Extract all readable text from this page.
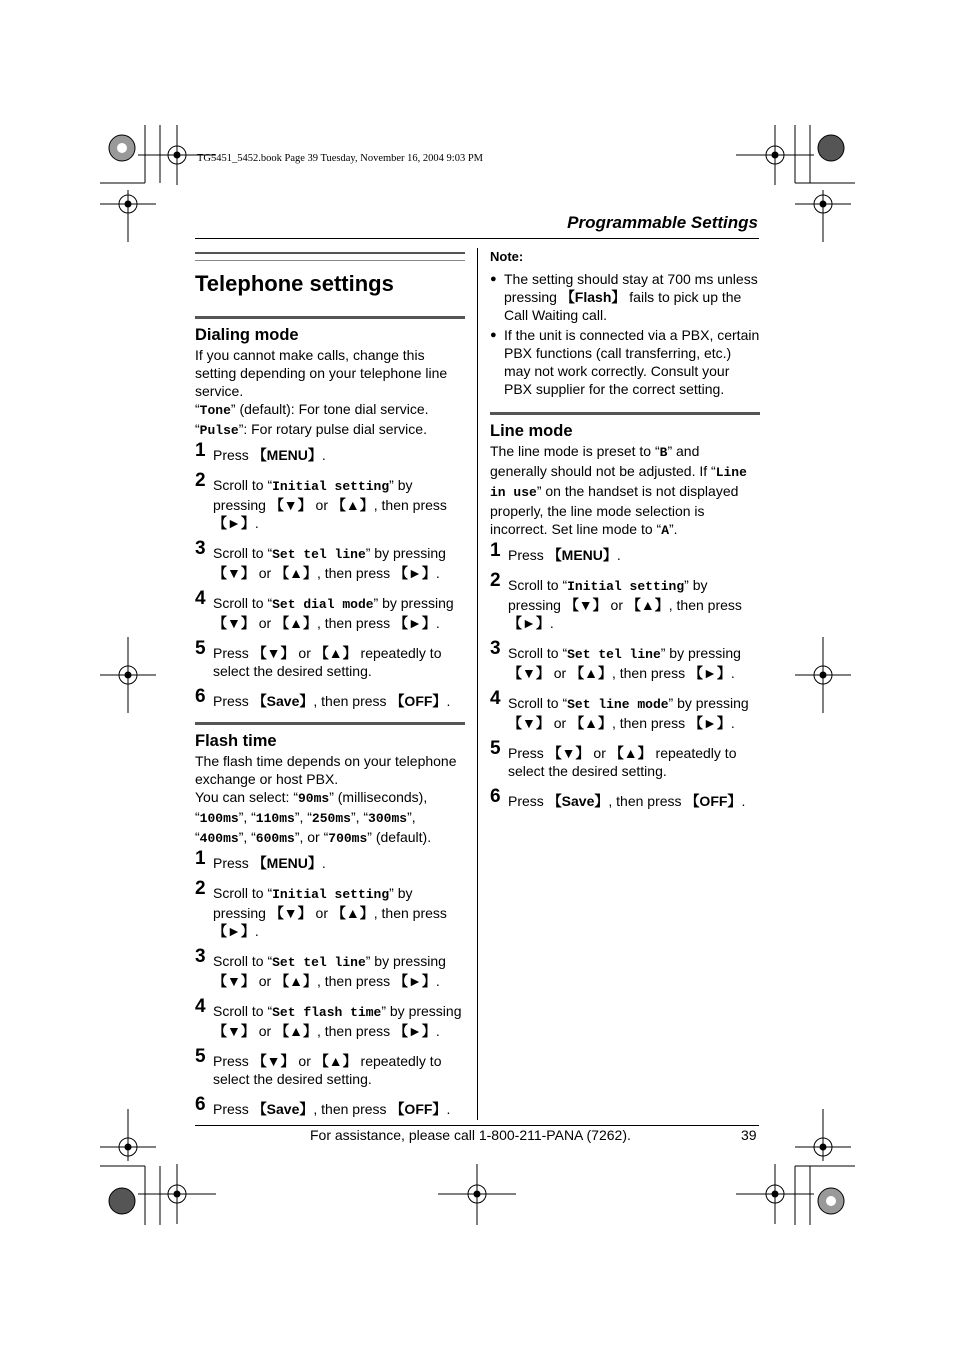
TG5451_5452.book Page 39 Tuesday, November 16, 2004 9:03 PM
Programmable Settings
Telephone settings
Dialing mode

If you cannot make calls, change this setting depending on your telephone line service.

“Tone” (default): For tone dial service.

“Pulse”: For rotary pulse dial service.

1 Press 【MENU】.
2 Scroll to “Initial setting” by pressing 【▼】 or 【▲】, then press 【►】.
3 Scroll to “Set tel line” by pressing 【▼】 or 【▲】, then press 【►】.
4 Scroll to “Set dial mode” by pressing 【▼】 or 【▲】, then press 【►】.
5 Press 【▼】 or 【▲】 repeatedly to select the desired setting.
6 Press 【Save】, then press 【OFF】.
Flash time

The flash time depends on your telephone exchange or host PBX.

You can select: “90ms” (milliseconds),
“100ms”, “110ms”, “250ms”, “300ms”,
“400ms”, “600ms”, or “700ms” (default).

1 Press 【MENU】.
2 Scroll to “Initial setting” by pressing 【▼】 or 【▲】, then press 【►】.
3 Scroll to “Set tel line” by pressing 【▼】 or 【▲】, then press 【►】.
4 Scroll to “Set flash time” by pressing 【▼】 or 【▲】, then press 【►】.
5 Press 【▼】 or 【▲】 repeatedly to select the desired setting.
6 Press 【Save】, then press 【OFF】.
Note:
● The setting should stay at 700 ms unless pressing 【Flash】 fails to pick up the Call Waiting call.
● If the unit is connected via a PBX, certain PBX functions (call transferring, etc.) may not work correctly. Consult your PBX supplier for the correct setting.
Line mode

The line mode is preset to “B” and generally should not be adjusted. If “Line in use” on the handset is not displayed properly, the line mode selection is incorrect. Set line mode to “A”.

1 Press 【MENU】.
2 Scroll to “Initial setting” by pressing 【▼】 or 【▲】, then press 【►】.
3 Scroll to “Set tel line” by pressing 【▼】 or 【▲】, then press 【►】.
4 Scroll to “Set line mode” by pressing 【▼】 or 【▲】, then press 【►】.
5 Press 【▼】 or 【▲】 repeatedly to select the desired setting.
6 Press 【Save】, then press 【OFF】.
For assistance, please call 1-800-211-PANA (7262).	39
